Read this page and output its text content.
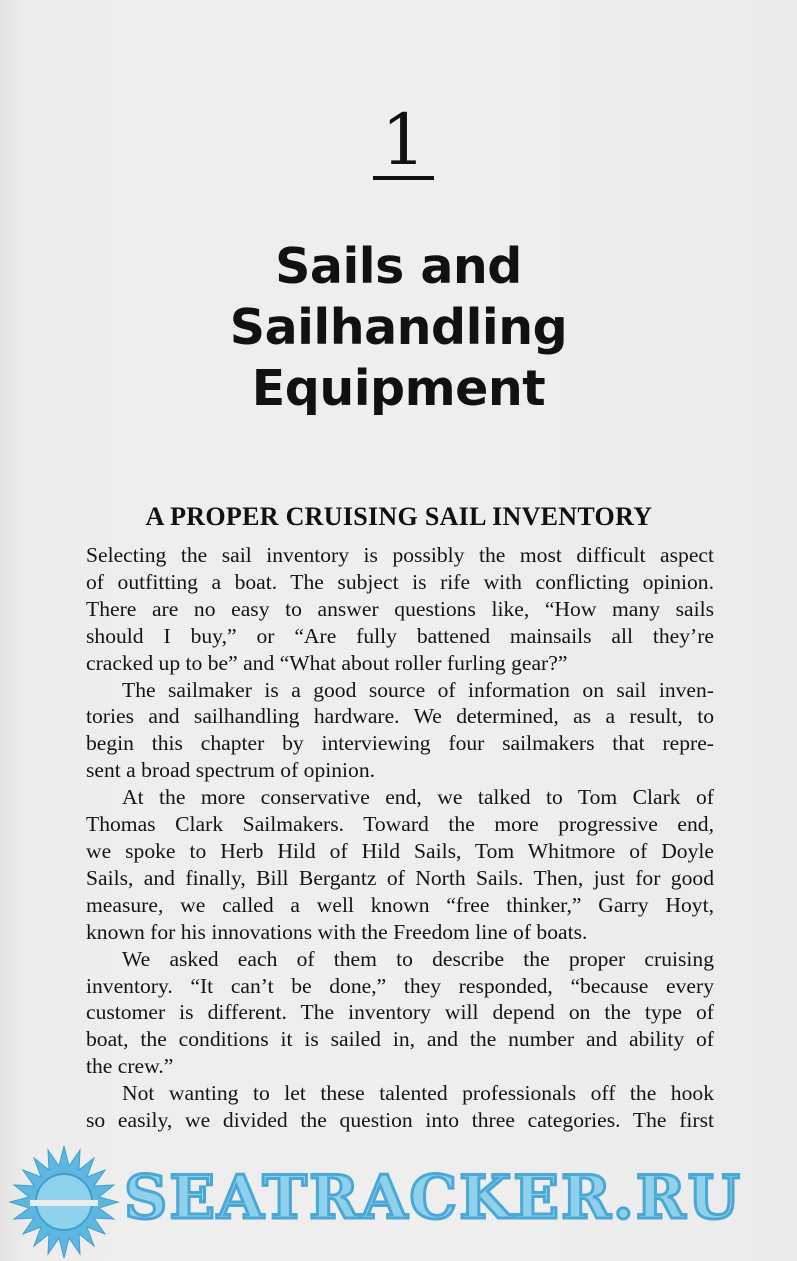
1
Sails and
Sailhandling
Equipment
A PROPER CRUISING SAIL INVENTORY
Selecting the sail inventory is possibly the most difficult aspect
of outfitting a boat. The subject is rife with conflicting opinion.
There are no easy to answer questions like, “How many sails
should I buy,” or “Are fully battened mainsails all they’re
cracked up to be” and “What about roller furling gear?”
The sailmaker is a good source of information on sail inven-
tories and sailhandling hardware. We determined, as a result, to
begin this chapter by interviewing four sailmakers that repre-
sent a broad spectrum of opinion.
At the more conservative end, we talked to Tom Clark of
Thomas Clark Sailmakers. Toward the more progressive end,
we spoke to Herb Hild of Hild Sails, Tom Whitmore of Doyle
Sails, and finally, Bill Bergantz of North Sails. Then, just for good
measure, we called a well known “free thinker,” Garry Hoyt,
known for his innovations with the Freedom line of boats.
We asked each of them to describe the proper cruising
inventory. “It can’t be done,” they responded, “because every
customer is different. The inventory will depend on the type of
boat, the conditions it is sailed in, and the number and ability of
the crew.”
Not wanting to let these talented professionals off the hook
so easily, we divided the question into three categories. The first
SEATRACKER.RU
